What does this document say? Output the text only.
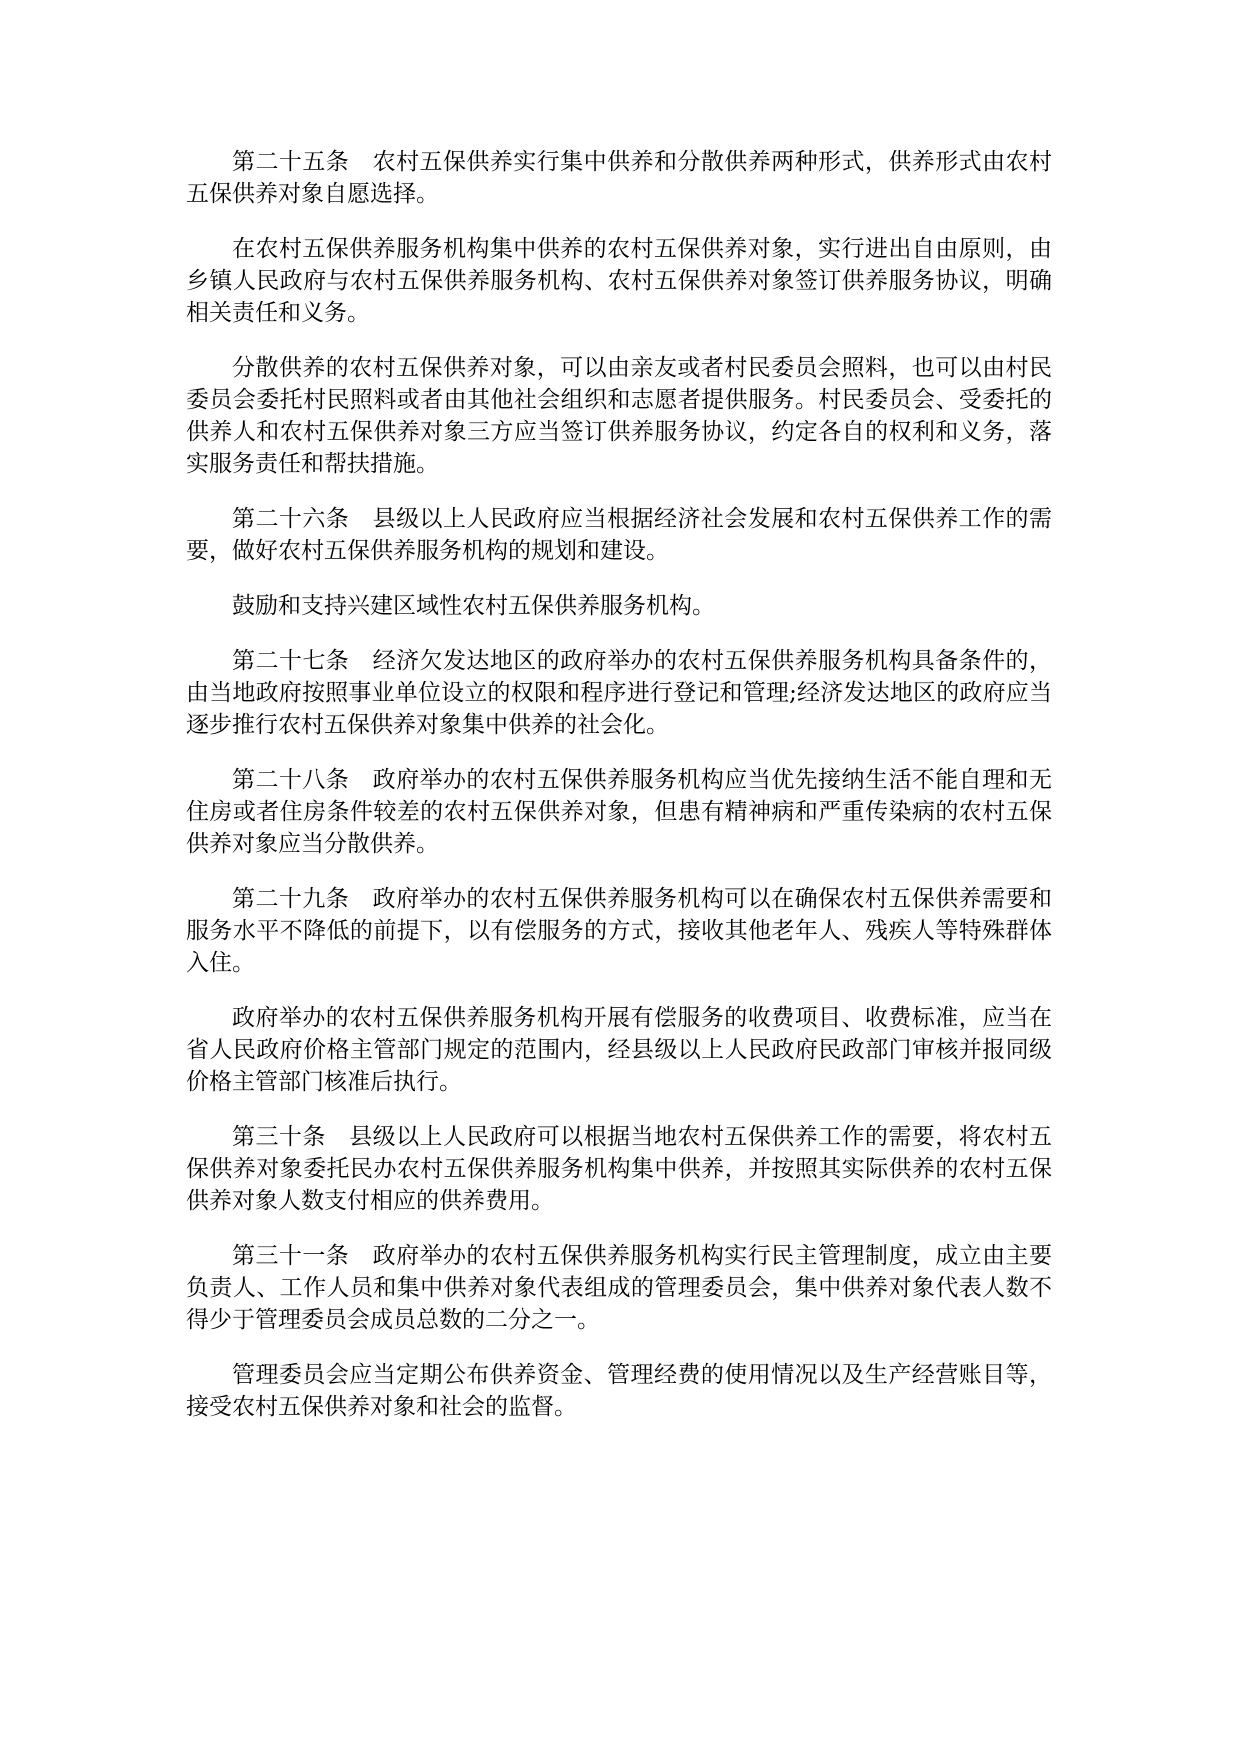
第二十五条　农村五保供养实行集中供养和分散供养两种形式，供养形式由农村五保供养对象自愿选择。

在农村五保供养服务机构集中供养的农村五保供养对象，实行进出自由原则，由乡镇人民政府与农村五保供养服务机构、农村五保供养对象签订供养服务协议，明确相关责任和义务。

分散供养的农村五保供养对象，可以由亲友或者村民委员会照料，也可以由村民委员会委托村民照料或者由其他社会组织和志愿者提供服务。村民委员会、受委托的供养人和农村五保供养对象三方应当签订供养服务协议，约定各自的权利和义务，落实服务责任和帮扶措施。

第二十六条　县级以上人民政府应当根据经济社会发展和农村五保供养工作的需要，做好农村五保供养服务机构的规划和建设。

鼓励和支持兴建区域性农村五保供养服务机构。

第二十七条　经济欠发达地区的政府举办的农村五保供养服务机构具备条件的，由当地政府按照事业单位设立的权限和程序进行登记和管理;经济发达地区的政府应当逐步推行农村五保供养对象集中供养的社会化。

第二十八条　政府举办的农村五保供养服务机构应当优先接纳生活不能自理和无住房或者住房条件较差的农村五保供养对象，但患有精神病和严重传染病的农村五保供养对象应当分散供养。

第二十九条　政府举办的农村五保供养服务机构可以在确保农村五保供养需要和服务水平不降低的前提下，以有偿服务的方式，接收其他老年人、残疾人等特殊群体入住。

政府举办的农村五保供养服务机构开展有偿服务的收费项目、收费标准，应当在省人民政府价格主管部门规定的范围内，经县级以上人民政府民政部门审核并报同级价格主管部门核准后执行。

第三十条　县级以上人民政府可以根据当地农村五保供养工作的需要，将农村五保供养对象委托民办农村五保供养服务机构集中供养，并按照其实际供养的农村五保供养对象人数支付相应的供养费用。

第三十一条　政府举办的农村五保供养服务机构实行民主管理制度，成立由主要负责人、工作人员和集中供养对象代表组成的管理委员会，集中供养对象代表人数不得少于管理委员会成员总数的二分之一。

管理委员会应当定期公布供养资金、管理经费的使用情况以及生产经营账目等，接受农村五保供养对象和社会的监督。
